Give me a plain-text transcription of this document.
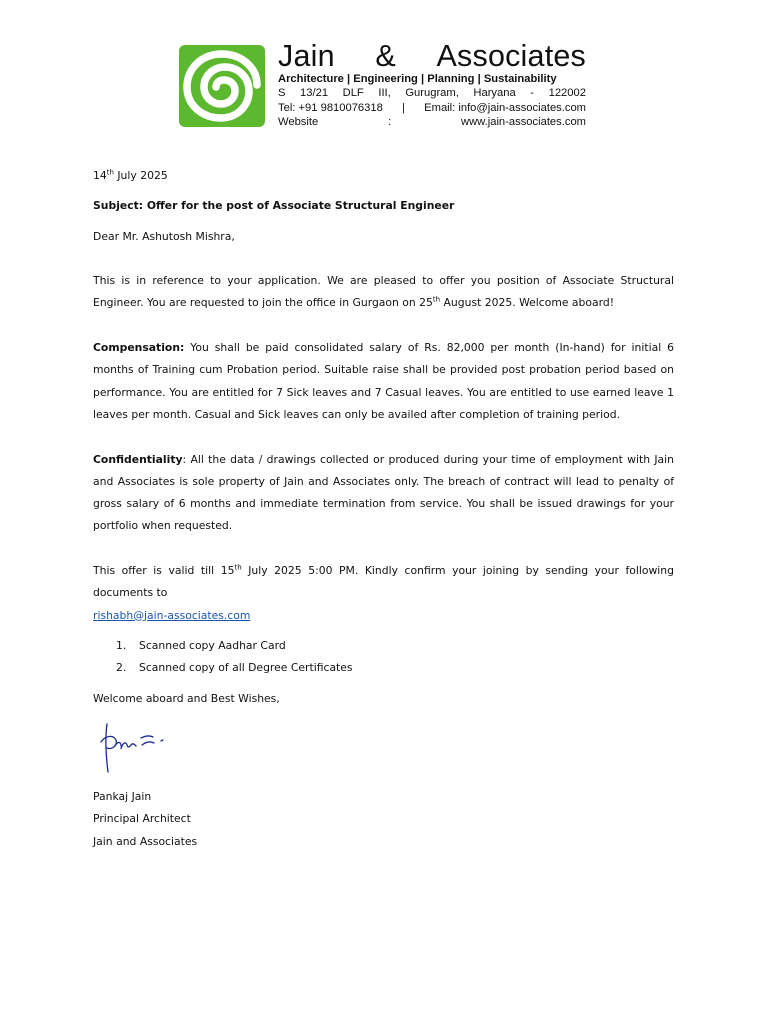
Jain & Associates
Architecture | Engineering | Planning | Sustainability
S 13/21 DLF III, Gurugram, Haryana - 122002
Tel: +91 9810076318 | Email: info@jain-associates.com
Website	:	www.jain-associates.com

14th July 2025

Subject: Offer for the post of Associate Structural Engineer

Dear Mr. Ashutosh Mishra,

This is in reference to your application. We are pleased to offer you position of Associate Structural Engineer. You are requested to join the office in Gurgaon on 25th August 2025. Welcome aboard!

Compensation: You shall be paid consolidated salary of Rs. 82,000 per month (In-hand) for initial 6 months of Training cum Probation period. Suitable raise shall be provided post probation period based on performance. You are entitled for 7 Sick leaves and 7 Casual leaves. You are entitled to use earned leave 1 leaves per month. Casual and Sick leaves can only be availed after completion of training period.

Confidentiality: All the data / drawings collected or produced during your time of employment with Jain and Associates is sole property of Jain and Associates only. The breach of contract will lead to penalty of gross salary of 6 months and immediate termination from service. You shall be issued drawings for your portfolio when requested.

This offer is valid till 15th July 2025 5:00 PM. Kindly confirm your joining by sending your following documents to

rishabh@jain-associates.com

1.	Scanned copy Aadhar Card
2.	Scanned copy of all Degree Certificates

Welcome aboard and Best Wishes,

Pankaj Jain

Principal Architect

Jain and Associates
